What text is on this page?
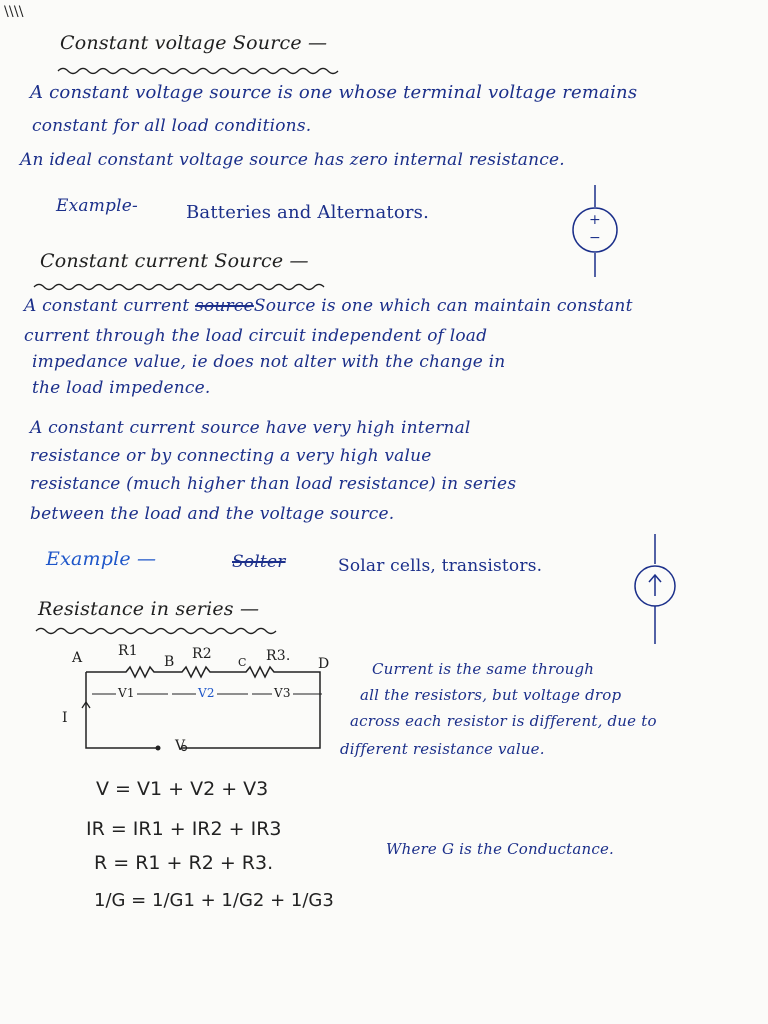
\\\\
Constant voltage Source —
A constant voltage source is one whose terminal voltage remains
constant for all load conditions.
An ideal constant voltage source has zero internal resistance.
Example-	Batteries and Alternators.	+
−
Constant current Source —
A constant current sourceSource is one which can maintain constant
current through the load circuit independent of load
impedance value, ie does not alter with the change in
the load impedence.
A constant current source have very high internal
resistance or by connecting a very high value
resistance (much higher than load resistance) in series
between the load and the voltage source.
Example —	Solter	Solar cells, transistors.
Resistance in series —
A	B	C	D
R1	R2	R3.
V1	V2	V3
I
V
Current is the same through
all the resistors, but voltage drop
across each resistor is different, due to
different resistance value.
V = V1 + V2 + V3
IR = IR1 + IR2 + IR3
R = R1 + R2 + R3.
1/G = 1/G1 + 1/G2 + 1/G3
Where G is the Conductance.
